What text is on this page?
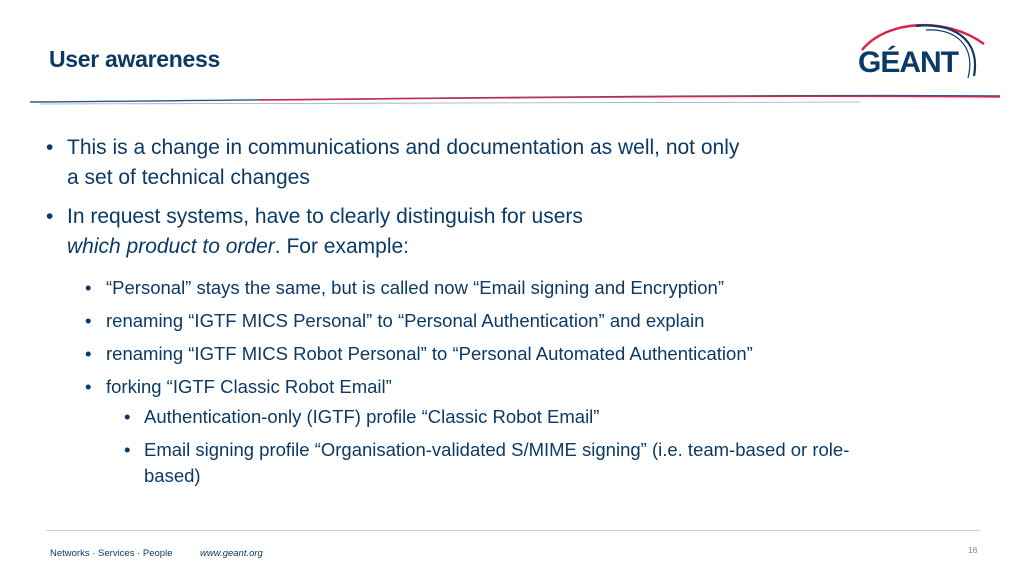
User awareness	GÉANT
• This is a change in communications and documentation as well, not only a set of technical changes
• In request systems, have to clearly distinguish for users
which product to order. For example:
• “Personal” stays the same, but is called now “Email signing and Encryption”
• renaming “IGTF MICS Personal” to “Personal Authentication” and explain
• renaming “IGTF MICS Robot Personal” to “Personal Automated Authentication”
• forking “IGTF Classic Robot Email”
• Authentication-only (IGTF) profile “Classic Robot Email”
• Email signing profile “Organisation-validated S/MIME signing” (i.e. team-based or role-based)
Networks · Services · People	www.geant.org	16
